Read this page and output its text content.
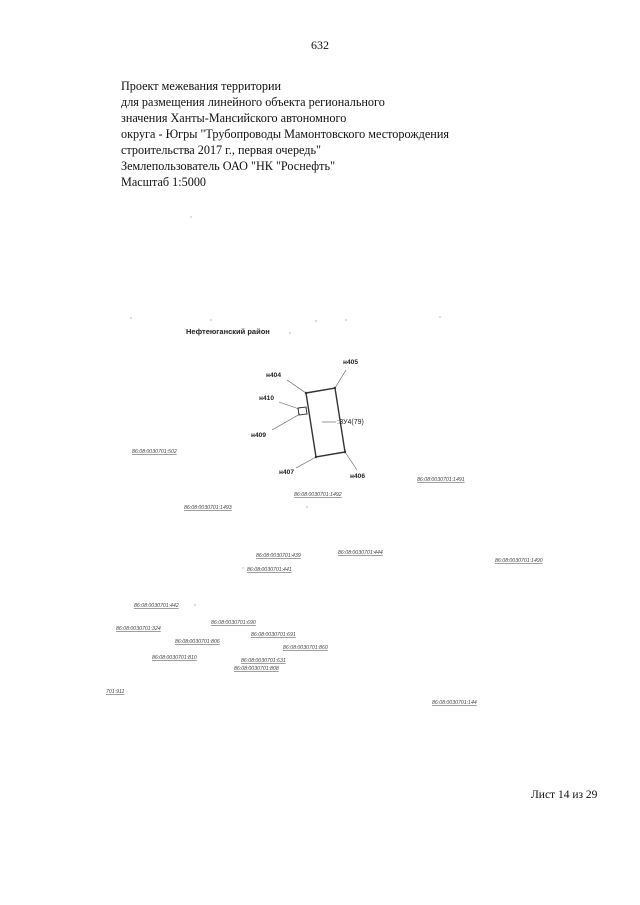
632
Проект межевания территории
для размещения линейного объекта регионального
значения Ханты-Мансийского автономного
округа - Югры "Трубопроводы Мамонтовского месторождения
строительства 2017 г., первая очередь"
Землепользователь ОАО "НК "Роснефть"
Масштаб 1:5000
Нефтеюганский район
н405
н404
н410
н409
н407
н406
:ЗУ4(79)
86:08:0030701:502
86:08:0030701:1491
86:08:0030701:1492
86:08:0030701:1493
86:08:0030701:439	86:08:0030701:444
86:08:0030701:1490
86:08:0030701:441
86:08:0030701:442
86:08:0030701:690
86:08:0030701:324
86:08:0030701:691
86:08:0030701:806
86:08:0030701:860
86:08:0030701:810	86:08:0030701:631
86:08:0030701:808
701:911
86:08:0030701:144
Лист 14 из 29
